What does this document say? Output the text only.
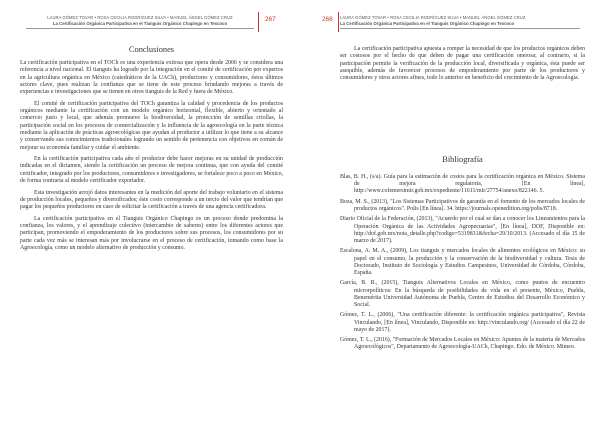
LAURA GÓMEZ TOVAR • ROSA CECILIA RODRÍGUEZ SILVA • MANUEL ÁNGEL GÓMEZ CRUZ
La Certificación Orgánica Participativa en el Tianguis Orgánico Chapingo en Texcoco
267
Conclusiones

La certificación participativa en el TOCh es una experiencia exitosa que opera desde 2006 y se considera una referencia a nivel nacional. El tianguis ha logrado por la integración en el comité de certificación por expertos en la agricultura orgánica en México (catedráticos de la UACh), productores y consumidores, éstos últimos actores clave, pues realizan la confianza que se tiene de este proceso brindando mejoras a través de experiencias e investigaciones que se tienen en otros tianguis de la Red y fuera de México.

El comité de certificación participativa del TOCh garantiza la calidad y procedencia de los productos orgánicos mediante la certificación con un modelo orgánico horizontal, flexible, abierto y orientado al comercio justo y local, que además promueve la biodiversidad, la protección de semillas criollas, la participación social en los procesos de comercialización y la influencia de la agroecología en la parte técnica mediante la aplicación de prácticas agroecológicas que ayudan al productor a utilizar lo que tiene a su alcance y conservando sus conocimientos tradicionales logrando un sentido de pertenencia con objetivos en común de mejorar su economía familiar y cuidar el ambiente.

En la certificación participativa cada año el productor debe hacer mejoras en su unidad de producción indicadas en el dictamen, siendo la certificación un proceso de mejora continua, que con ayuda del comité certificador, integrado por los productores, consumidores e investigadores, se fortalece poco a poco en México, de forma contraria al modelo certificador exportador.

Esta investigación arrojó datos interesantes en la medición del aporte del trabajo voluntario en el sistema de producción locales, pequeños y diversificados; éste costo corresponde a un tercio del valor que tendrían que pagar los pequeños productores en caso de solicitar la certificación a través de una agencia certificadora.

La certificación participativa en el Tianguis Orgánico Chapingo es un proceso donde predomina la confianza, los valores, y el aprendizaje colectivo (intercambio de saberes) entre los diferentes actores que participan, promoviendo el empoderamiento de los productores sobre sus procesos, los consumidores por su parte cada vez más se interesan más por involucrarse en el proceso de certificación, tomando como base la Agroecología, como un modelo alternativo de producción y consumo.

268	LAURA GÓMEZ TOVAR • ROSA CECILIA RODRÍGUEZ SILVA • MANUEL ÁNGEL GÓMEZ CRUZ
La Certificación Orgánica Participativa en el Tianguis Orgánico Chapingo en Texcoco

La certificación participativa apuesta a romper la necesidad de que los productos orgánicos deben ser costosos por el hecho de que deben de pagar una certificación onerosa; al contrario, si la participación permite la verificación de la producción local, diversificada y orgánica, ésta puede ser asequible, además de favorecer procesos de empoderamiento por parte de los productores y consumidores y otros actores afines, todo lo anterior en beneficio del crecimiento de la Agroecología.

Bibliografía
Blas, B. H., (s/a). Guía para la estimación de costos para la certificación orgánica en México. Sistema de mejora regulatoria, [En línea], http://www.cofemersimir.gob.mx/expediente/11611/mir/27754/anexo/822146. 5.
Boza, M. S., (2013), "Los Sistemas Participativos de garantía en el fomento de los mercados locales de productos orgánicos". Polis [En línea]. 34. https://journals.openedition.org/polis/8718.
Diario Oficial de la Federación, (2013), "Acuerdo por el cual se dan a conocer los Lineamientos para la Operación Orgánica de las Actividades Agropecuarias", [En línea], DOF, Disponible en: http://dof.gob.mx/nota_detalle.php?codigo=5319831&fecha=29/10/2013. (Accesado el día 15 de marzo de 2017).
Escalona, A. M. A., (2009), Los tianguis y mercados locales de alimentos ecológicos en México: su papel en el consumo, la producción y la conservación de la biodiversidad y cultura. Tesis de Doctorado, Instituto de Sociología y Estudios Campesinos, Universidad de Córdoba, Córdoba, España.
García, B. R., (2015), Tianguis Alternativos Locales en México, como puntos de encuentro microrpolíticos: En la búsqueda de posibilidades de vida en el presente, México, Puebla, Benemérita Universidad Autónoma de Puebla, Centro de Estudios del Desarrollo Económico y Social.
Gómez, T. L., (2006), "Una certificación diferente: la certificación orgánica participativa", Revista Vinculando, [En línea], Vinculando, Disponible en: http://vinculando.org/ (Accesado el día 22 de mayo de 2017).
Gómez, T. L., (2016), "Formación de Mercados Locales en México: Apuntes de la materia de Mercados Agroecológicos", Departamento de Agroecología-UACh, Chapingo. Edo. de México. Mimeo.
